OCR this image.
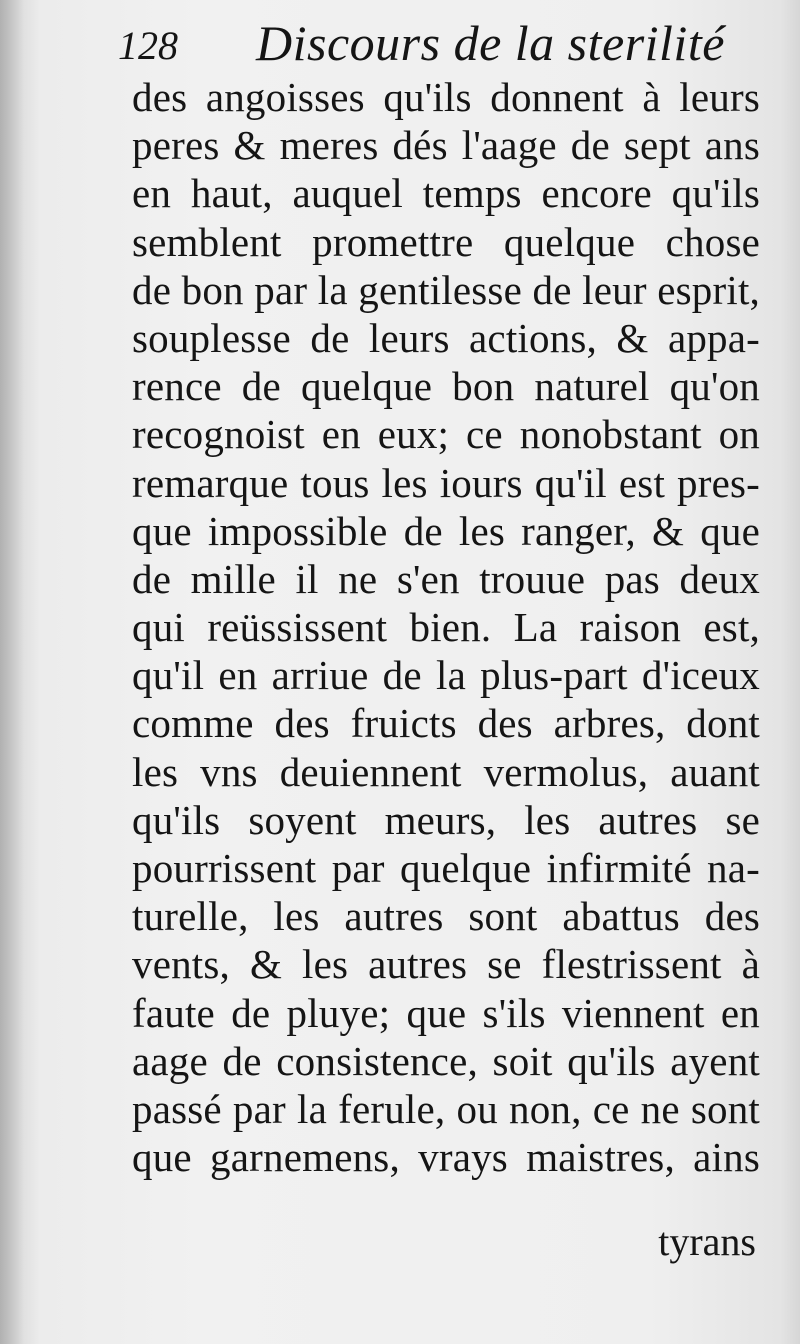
128 Discours de la sterilité
des angoisses qu'ils donnent à leurs
peres & meres dés l'aage de sept ans
en haut, auquel temps encore qu'ils
semblent promettre quelque chose
de bon par la gentilesse de leur esprit,
souplesse de leurs actions, & appa-
rence de quelque bon naturel qu'on
recognoist en eux; ce nonobstant on
remarque tous les iours qu'il est pres-
que impossible de les ranger, & que
de mille il ne s'en trouue pas deux
qui reüssissent bien. La raison est,
qu'il en arriue de la plus-part d'iceux
comme des fruicts des arbres, dont
les vns deuiennent vermolus, auant
qu'ils soyent meurs, les autres se
pourrissent par quelque infirmité na-
turelle, les autres sont abattus des
vents, & les autres se flestrissent à
faute de pluye; que s'ils viennent en
aage de consistence, soit qu'ils ayent
passé par la ferule, ou non, ce ne sont
que garnemens, vrays maistres, ains
tyrans
